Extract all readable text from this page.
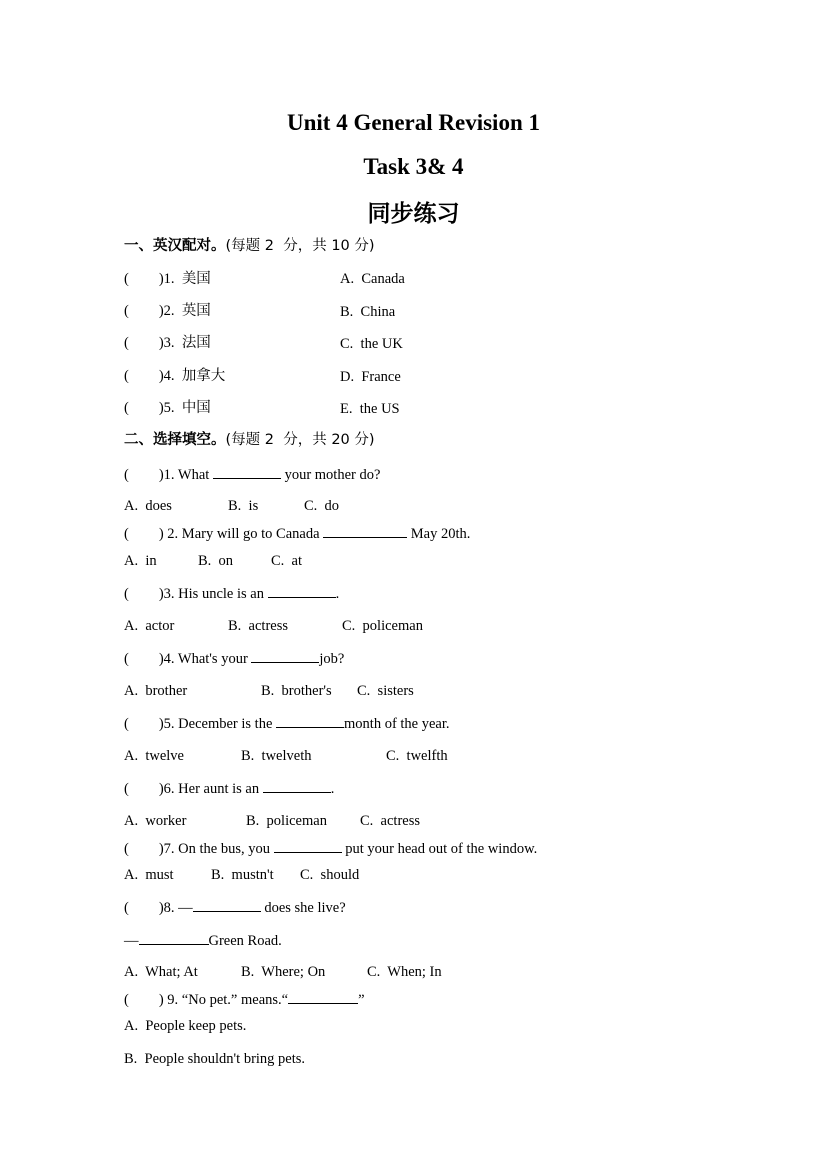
Unit 4 General Revision 1
Task 3& 4
同步练习
一、英汉配对。(每题 2  分，共 10 分)
( )1. 美国	A.  Canada
( )2. 英国	B.  China
( )3. 法国	C.  the UK
( )4. 加拿大	D.  France
( )5. 中国	E.  the US
二、选择填空。(每题 2  分，共 20 分)
( )1. What	your mother do?
A.  does	B.  is	C.  do
( ) 2. Mary will go to Canada	May 20th.
A.  in	B.  on	C.  at
( )3. His uncle is an	.
A.  actor	B.  actress	C.  policeman
( )4. What's your	job?
A.  brother	B.  brother's C.  sisters
( )5. December is the	month of the year.
A.  twelve	B.  twelveth	C.  twelfth
( )6. Her aunt is an	.
A.  worker	B.  policeman C.  actress
( )7. On the bus, you	put your head out of the window.
A.  must	B.  mustn't C.  should
( )8. —	does she live?
—	Green Road.
A.  What; At	B.  Where; On	C.  When; In
( ) 9. “No pet.” means.“	”
A.  People keep pets.
B.  People shouldn't bring pets.
